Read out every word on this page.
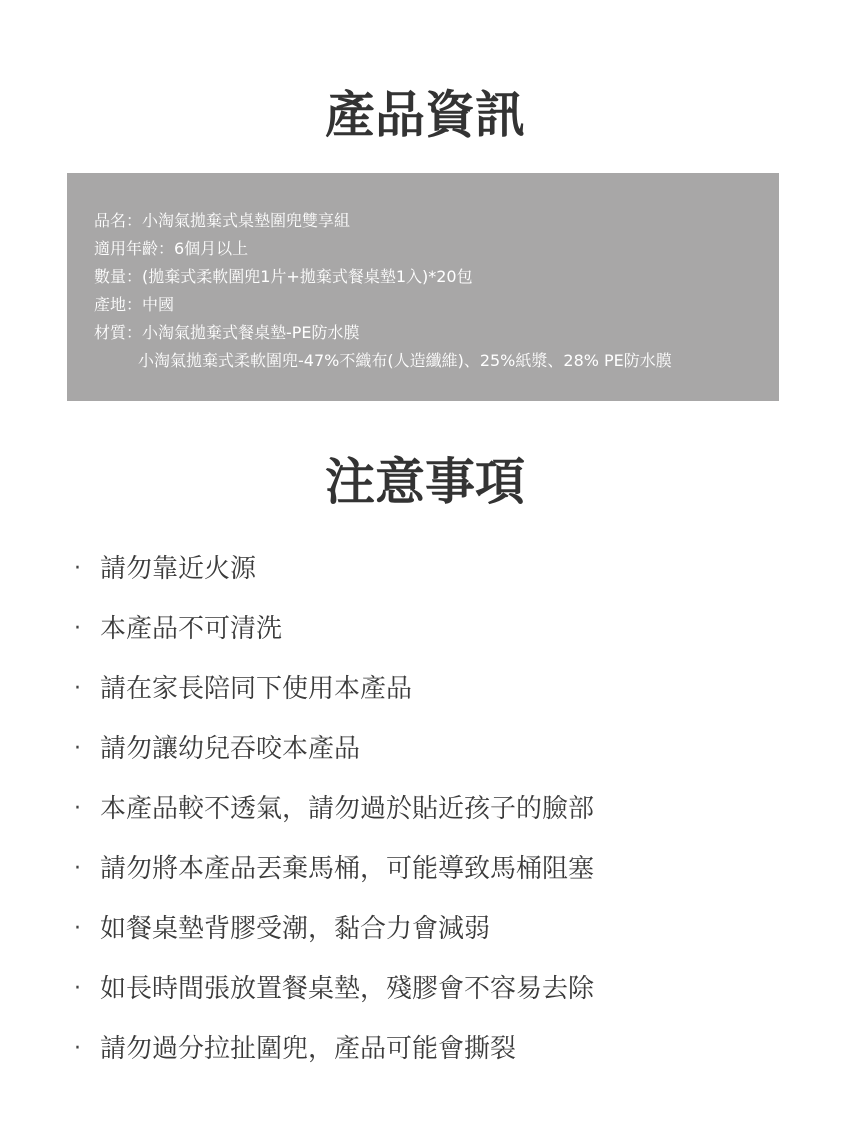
產品資訊
品名：小淘氣拋棄式桌墊圍兜雙享組
適用年齡：6個月以上
數量：(拋棄式柔軟圍兜1片+拋棄式餐桌墊1入)*20包
產地：中國
材質：小淘氣拋棄式餐桌墊-PE防水膜
小淘氣拋棄式柔軟圍兜-47%不織布(人造纖維)、25%紙漿、28% PE防水膜
注意事項
· 請勿靠近火源
· 本產品不可清洗
· 請在家長陪同下使用本產品
· 請勿讓幼兒吞咬本產品
· 本產品較不透氣，請勿過於貼近孩子的臉部
· 請勿將本產品丟棄馬桶，可能導致馬桶阻塞
· 如餐桌墊背膠受潮，黏合力會減弱
· 如長時間張放置餐桌墊，殘膠會不容易去除
· 請勿過分拉扯圍兜，產品可能會撕裂
